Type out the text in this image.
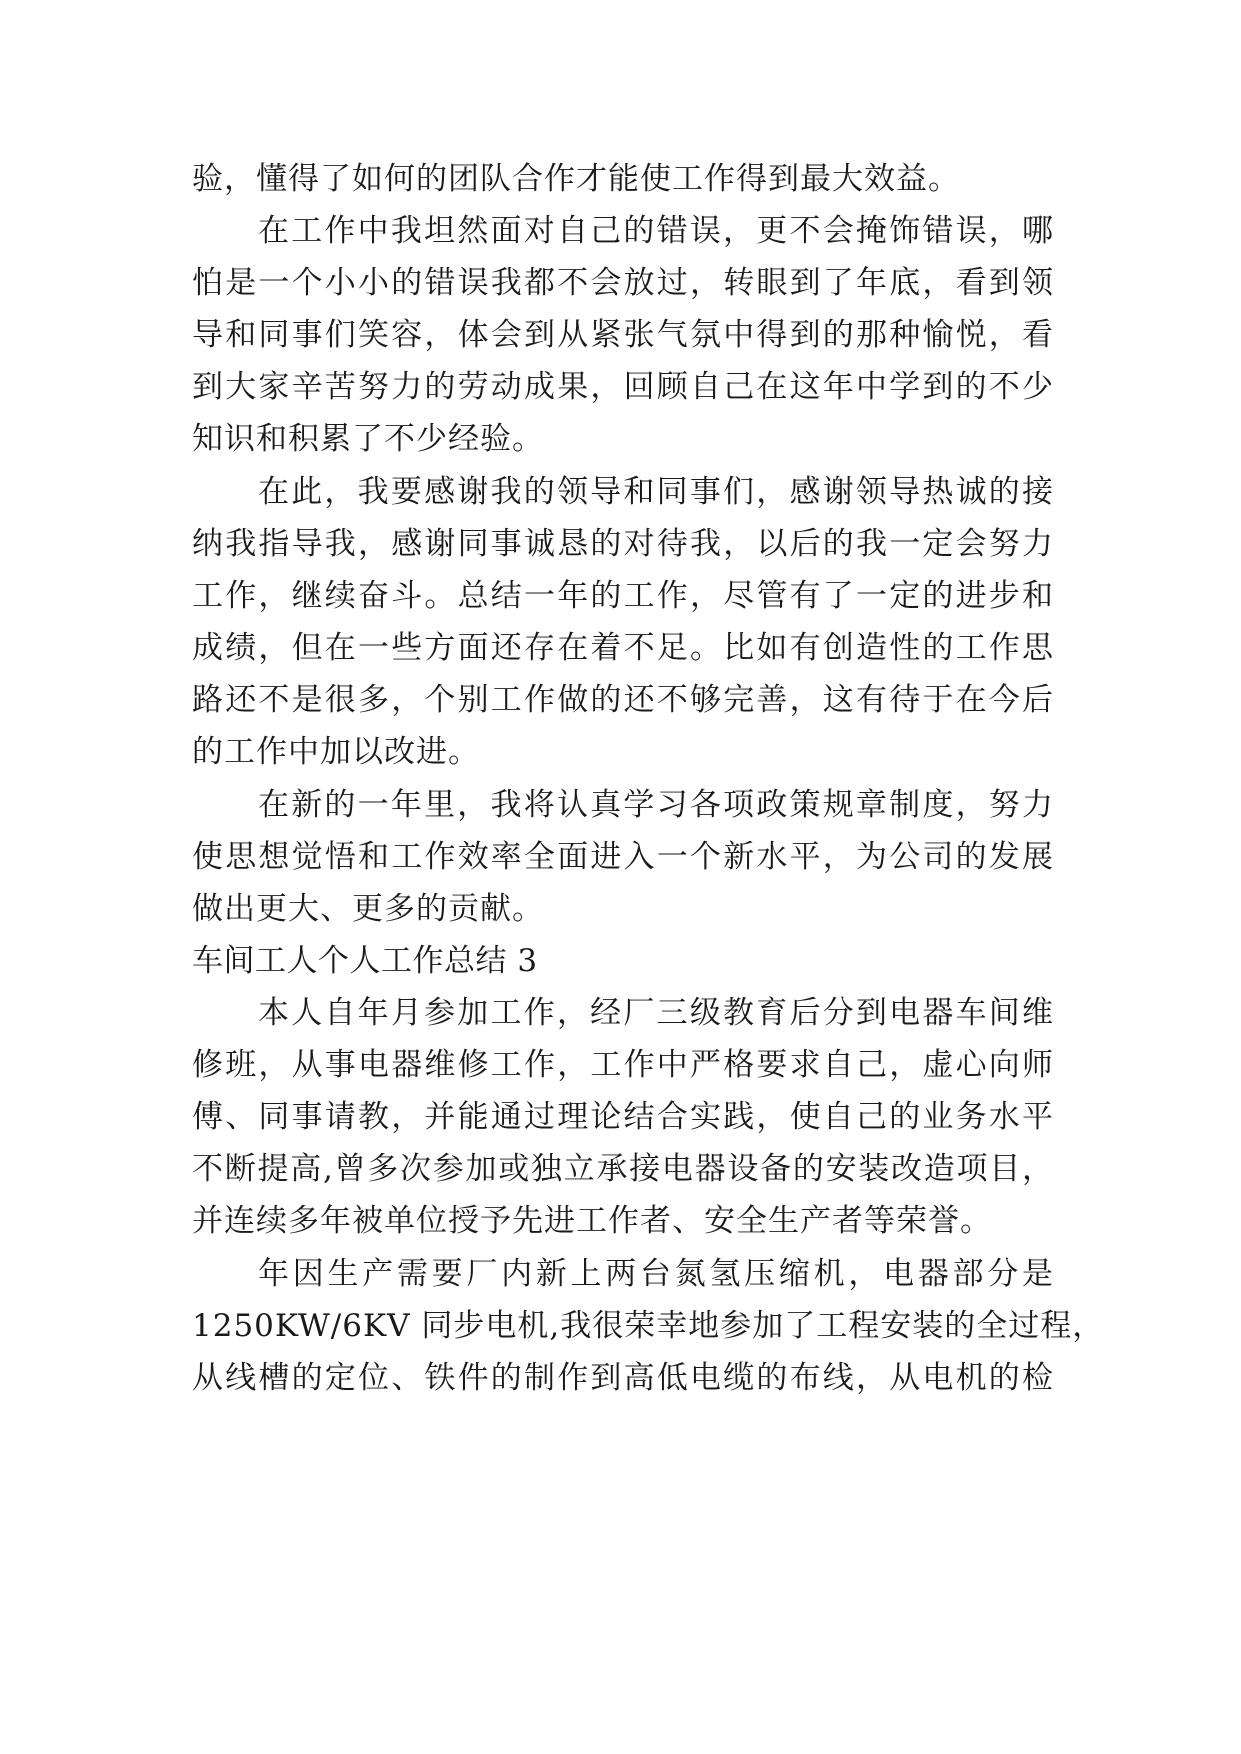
验，懂得了如何的团队合作才能使工作得到最大效益。
在工作中我坦然面对自己的错误，更不会掩饰错误，哪
怕是一个小小的错误我都不会放过，转眼到了年底，看到领
导和同事们笑容，体会到从紧张气氛中得到的那种愉悦，看
到大家辛苦努力的劳动成果，回顾自己在这年中学到的不少
知识和积累了不少经验。
在此，我要感谢我的领导和同事们，感谢领导热诚的接
纳我指导我，感谢同事诚恳的对待我，以后的我一定会努力
工作，继续奋斗。总结一年的工作，尽管有了一定的进步和
成绩，但在一些方面还存在着不足。比如有创造性的工作思
路还不是很多，个别工作做的还不够完善，这有待于在今后
的工作中加以改进。
在新的一年里，我将认真学习各项政策规章制度，努力
使思想觉悟和工作效率全面进入一个新水平，为公司的发展
做出更大、更多的贡献。
车间工人个人工作总结 3
本人自年月参加工作，经厂三级教育后分到电器车间维
修班，从事电器维修工作，工作中严格要求自己，虚心向师
傅、同事请教，并能通过理论结合实践，使自己的业务水平
不断提高,曾多次参加或独立承接电器设备的安装改造项目，
并连续多年被单位授予先进工作者、安全生产者等荣誉。
年因生产需要厂内新上两台氮氢压缩机，电器部分是
1250KW/6KV 同步电机,我很荣幸地参加了工程安装的全过程，
从线槽的定位、铁件的制作到高低电缆的布线，从电机的检
